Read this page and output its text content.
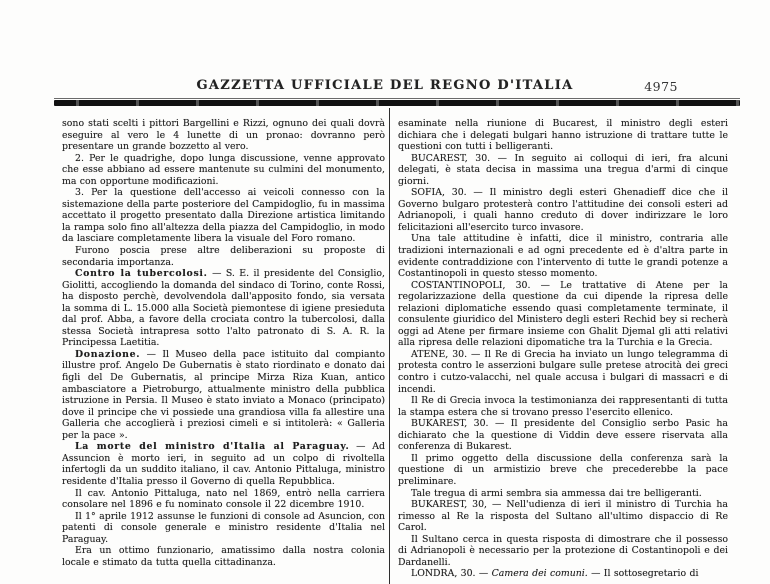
GAZZETTA UFFICIALE DEL REGNO D'ITALIA	4975

sono stati scelti i pittori Bargellini e Rizzi, ognuno dei quali dovrà eseguire al vero le 4 lunette di un pronao: dovranno però presentare un grande bozzetto al vero.

2. Per le quadrighe, dopo lunga discussione, venne approvato che esse abbiano ad essere mantenute su culmini del monumento, ma con opportune modificazioni.

3. Per la questione dell'accesso ai veicoli connesso con la sistemazione della parte posteriore del Campidoglio, fu in massima accettato il progetto presentato dalla Direzione artistica limitando la rampa solo fino all'altezza della piazza del Campidoglio, in modo da lasciare completamente libera la visuale del Foro romano.

Furono poscia prese altre deliberazioni su proposte di secondaria importanza.

Contro la tubercolosi. — S. E. il presidente del Consiglio, Giolitti, accogliendo la domanda del sindaco di Torino, conte Rossi, ha disposto perchè, devolvendola dall'apposito fondo, sia versata la somma di L. 15.000 alla Società piemontese di igiene presieduta dal prof. Abba, a favore della crociata contro la tubercolosi, dalla stessa Società intrapresa sotto l'alto patronato di S. A. R. la Principessa Laetitia.

Donazione. — Il Museo della pace istituito dal compianto illustre prof. Angelo De Gubernatis è stato riordinato e donato dai figli del De Gubernatis, al principe Mirza Riza Kuan, antico ambasciatore a Pietroburgo, attualmente ministro della pubblica istruzione in Persia. Il Museo è stato inviato a Monaco (principato) dove il principe che vi possiede una grandiosa villa fa allestire una Galleria che accoglierà i preziosi cimeli e si intitolerà: « Galleria per la pace ».

La morte del ministro d'Italia al Paraguay. — Ad Assuncion è morto ieri, in seguito ad un colpo di rivoltella infertogli da un suddito italiano, il cav. Antonio Pittaluga, ministro residente d'Italia presso il Governo di quella Repubblica.

Il cav. Antonio Pittaluga, nato nel 1869, entrò nella carriera consolare nel 1896 e fu nominato console il 22 dicembre 1910.

Il 1° aprile 1912 assunse le funzioni di console ad Asuncion, con patenti di console generale e ministro residente d'Italia nel Paraguay.

Era un ottimo funzionario, amatissimo dalla nostra colonia locale e stimato da tutta quella cittadinanza.

esaminate nella riunione di Bucarest, il ministro degli esteri dichiara che i delegati bulgari hanno istruzione di trattare tutte le questioni con tutti i belligeranti.

BUCAREST, 30. — In seguito ai colloqui di ieri, fra alcuni delegati, è stata decisa in massima una tregua d'armi di cinque giorni.

SOFIA, 30. — Il ministro degli esteri Ghenadieff dice che il Governo bulgaro protesterà contro l'attitudine dei consoli esteri ad Adrianopoli, i quali hanno creduto di dover indirizzare le loro felicitazioni all'esercito turco invasore.

Una tale attitudine è infatti, dice il ministro, contraria alle tradizioni internazionali e ad ogni precedente ed è d'altra parte in evidente contraddizione con l'intervento di tutte le grandi potenze a Costantinopoli in questo stesso momento.

COSTANTINOPOLI, 30. — Le trattative di Atene per la regolarizzazione della questione da cui dipende la ripresa delle relazioni diplomatiche essendo quasi completamente terminate, il consulente giuridico del Ministero degli esteri Rechid bey si recherà oggi ad Atene per firmare insieme con Ghalit Djemal gli atti relativi alla ripresa delle relazioni dipomatiche tra la Turchia e la Grecia.

ATENE, 30. — Il Re di Grecia ha inviato un lungo telegramma di protesta contro le asserzioni bulgare sulle pretese atrocità dei greci contro i cutzo-valacchi, nel quale accusa i bulgari di massacri e di incendi.

Il Re di Grecia invoca la testimonianza dei rappresentanti di tutta la stampa estera che si trovano presso l'esercito ellenico.

BUKAREST, 30. — Il presidente del Consiglio serbo Pasic ha dichiarato che la questione di Viddin deve essere riservata alla conferenza di Bukarest.

Il primo oggetto della discussione della conferenza sarà la questione di un armistizio breve che precederebbe la pace preliminare.

Tale tregua di armi sembra sia ammessa dai tre belligeranti.

BUKAREST, 30, — Nell'udienza di ieri il ministro di Turchia ha rimesso al Re la risposta del Sultano all'ultimo dispaccio di Re Carol.

Il Sultano cerca in questa risposta di dimostrare che il possesso di Adrianopoli è necessario per la protezione di Costantinopoli e dei Dardanelli.

LONDRA, 30. — Camera dei comuni. — Il sottosegretario di
